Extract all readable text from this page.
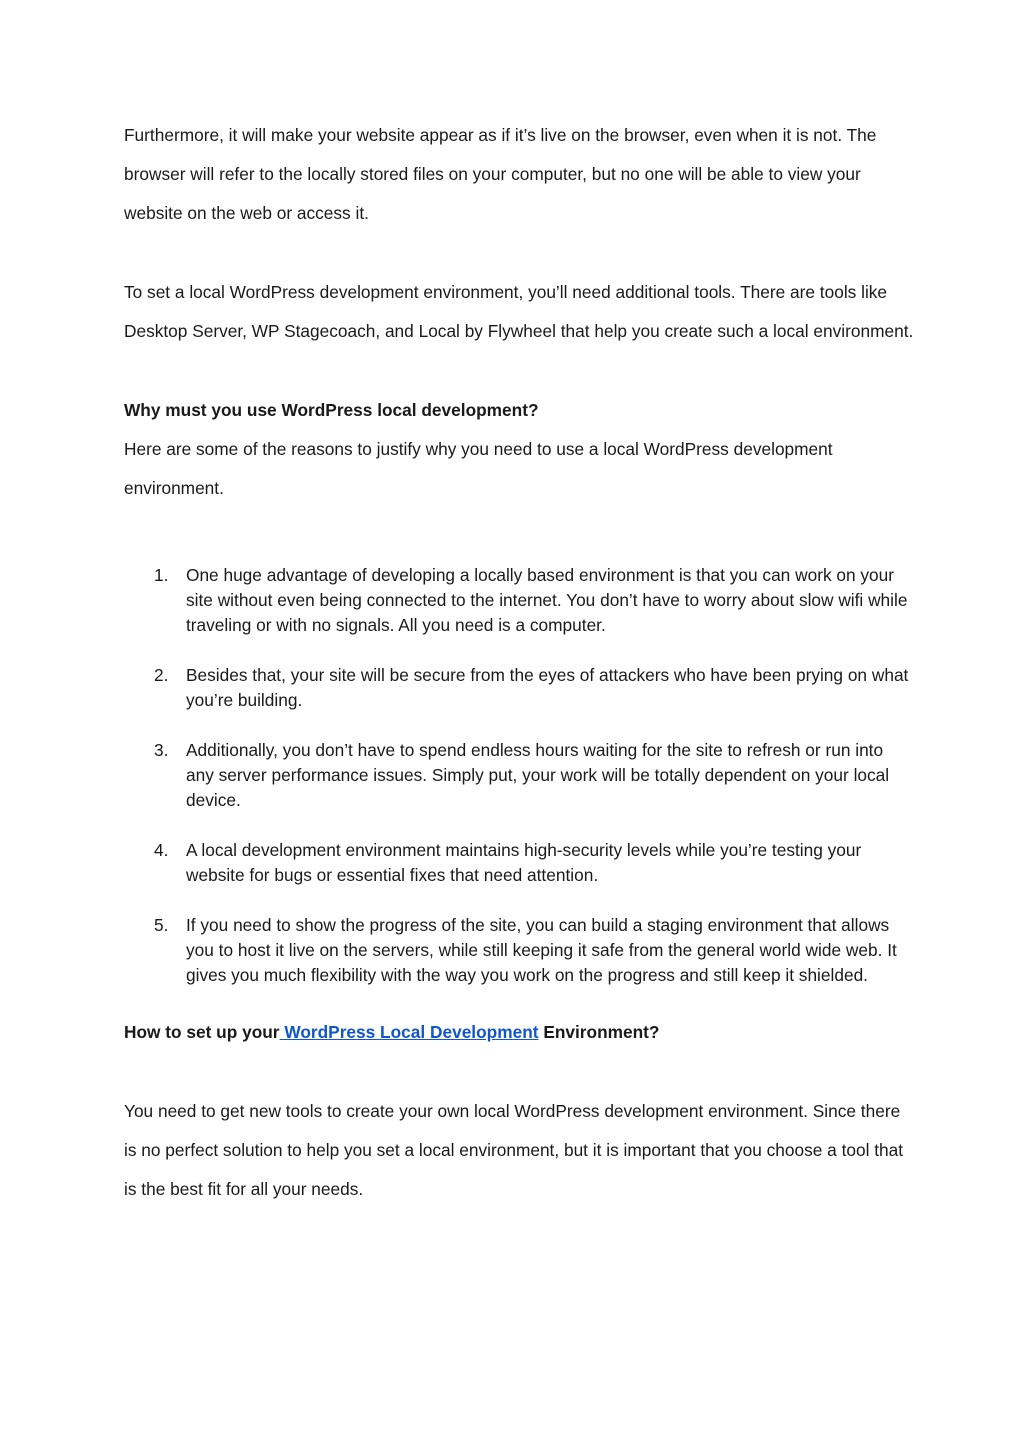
Furthermore, it will make your website appear as if it’s live on the browser, even when it is not. The browser will refer to the locally stored files on your computer, but no one will be able to view your website on the web or access it.

To set a local WordPress development environment, you’ll need additional tools. There are tools like Desktop Server, WP Stagecoach, and Local by Flywheel that help you create such a local environment.

Why must you use WordPress local development?

Here are some of the reasons to justify why you need to use a local WordPress development environment.

1. One huge advantage of developing a locally based environment is that you can work on your site without even being connected to the internet. You don’t have to worry about slow wifi while traveling or with no signals. All you need is a computer.
2. Besides that, your site will be secure from the eyes of attackers who have been prying on what you’re building.
3. Additionally, you don’t have to spend endless hours waiting for the site to refresh or run into any server performance issues. Simply put, your work will be totally dependent on your local device.
4. A local development environment maintains high-security levels while you’re testing your website for bugs or essential fixes that need attention.
5. If you need to show the progress of the site, you can build a staging environment that allows you to host it live on the servers, while still keeping it safe from the general world wide web. It gives you much flexibility with the way you work on the progress and still keep it shielded.
How to set up your WordPress Local Development Environment?

You need to get new tools to create your own local WordPress development environment. Since there is no perfect solution to help you set a local environment, but it is important that you choose a tool that is the best fit for all your needs.
